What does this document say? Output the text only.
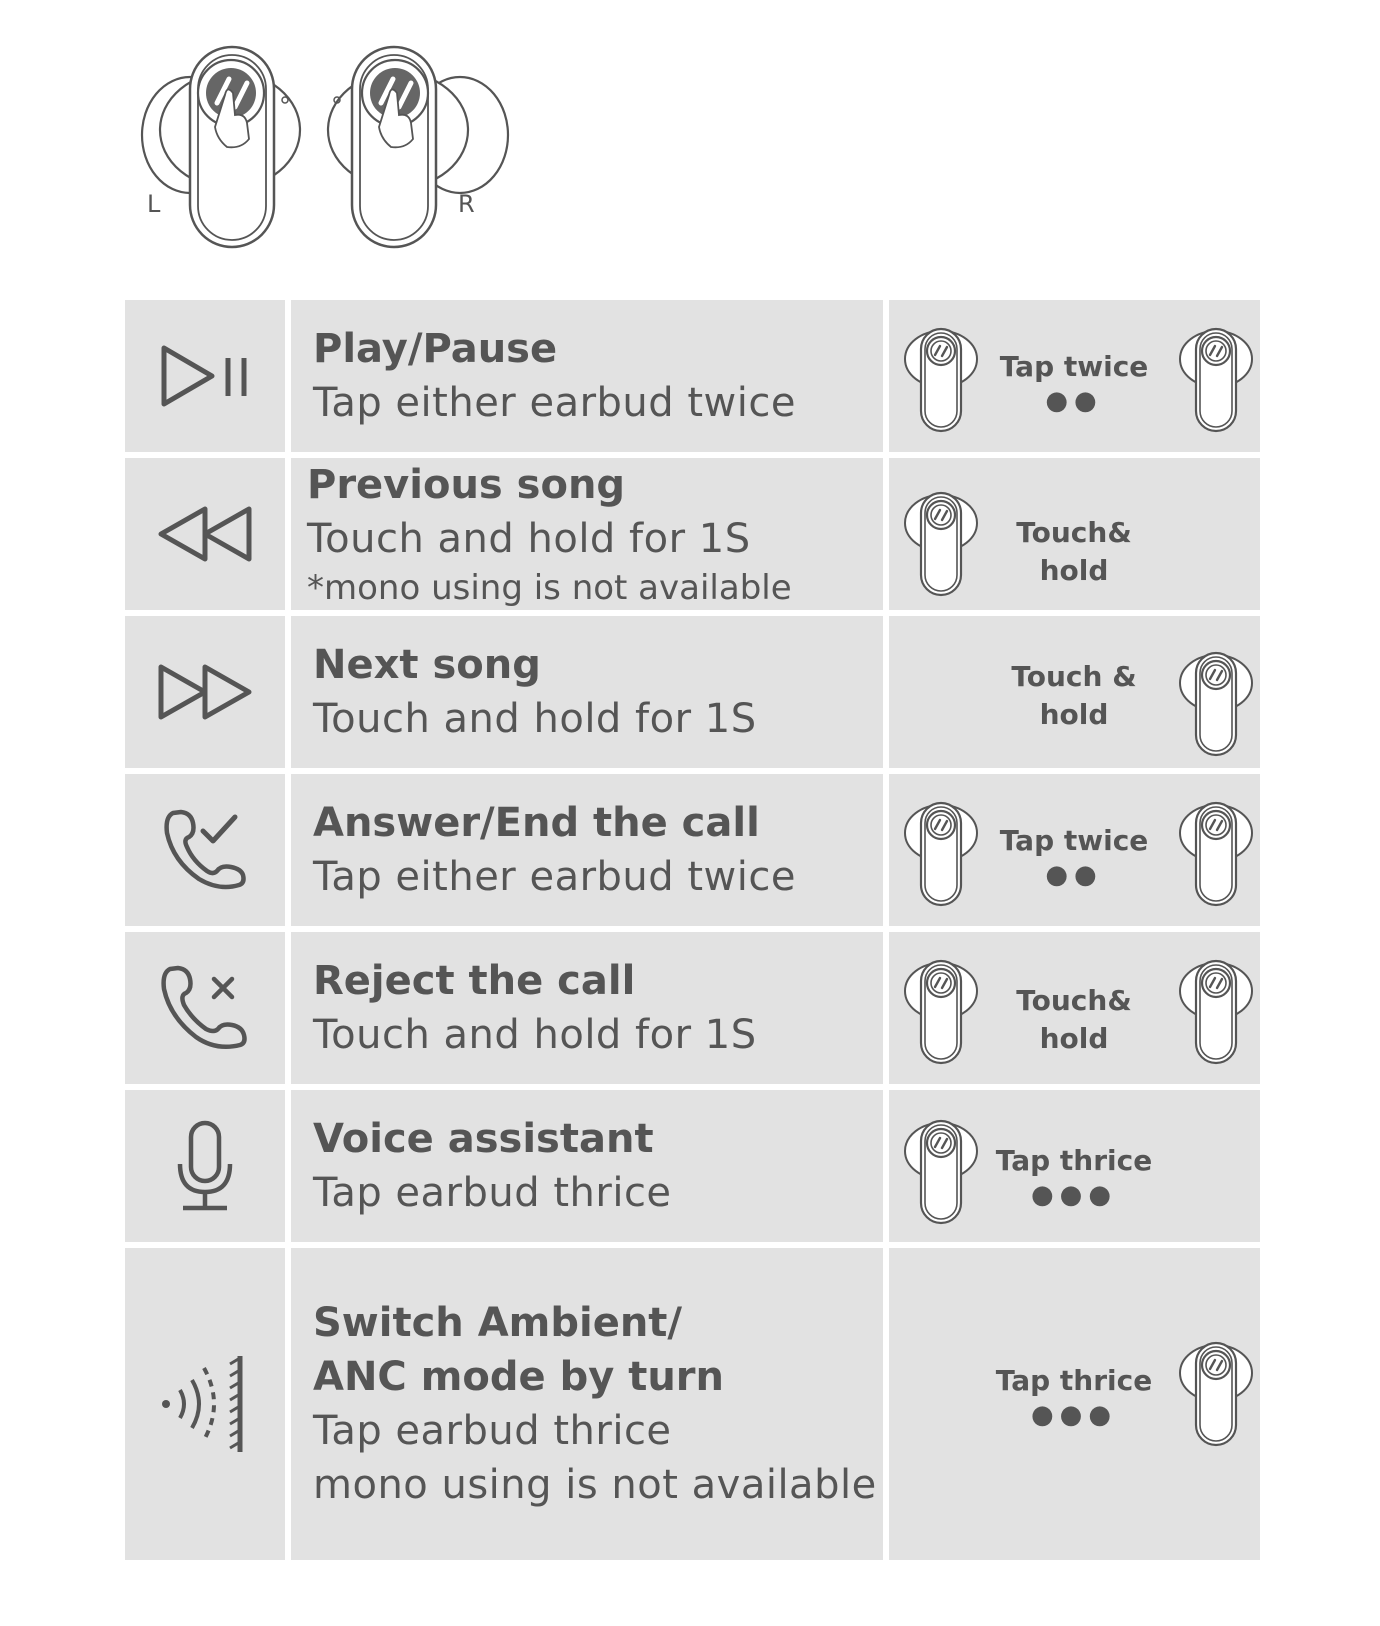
L	R
Play/Pause
Tap either earbud twice
Tap twice
●●
Previous song
Touch and hold for 1S
*mono using is not available
Touch&
hold
Next song
Touch and hold for 1S
Touch &
hold
Answer/End the call
Tap either earbud twice
Tap twice
●●
Reject the call
Touch and hold for 1S
Touch&
hold
Voice assistant
Tap earbud thrice
Tap thrice
●●●
Switch Ambient/
ANC mode by turn
Tap earbud thrice
mono using is not available
Tap thrice
●●●
